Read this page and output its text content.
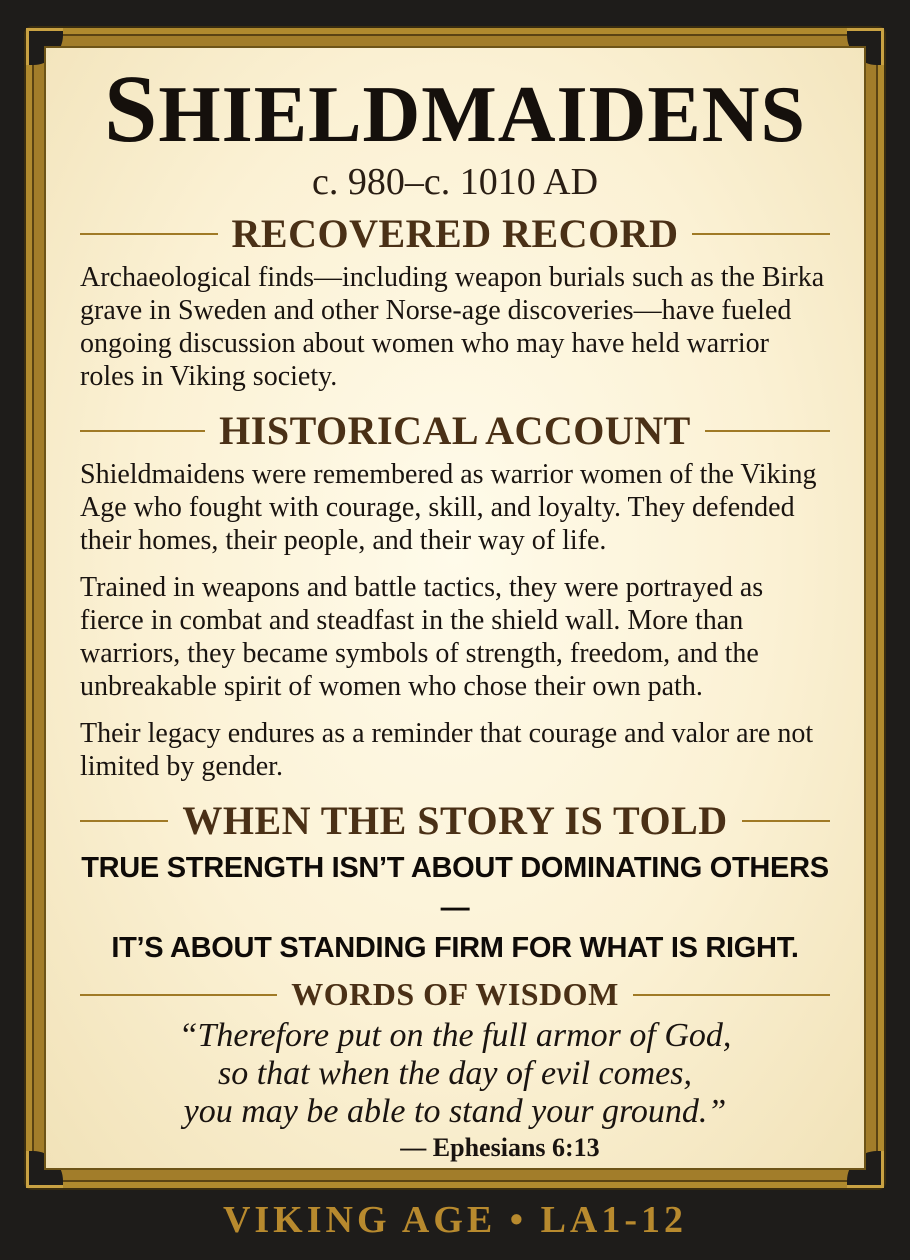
SHIELDMAIDENS
c. 980–c. 1010 AD
RECOVERED RECORD

Archaeological finds—including weapon burials such as the Birka grave in Sweden and other Norse-age discoveries—have fueled ongoing discussion about women who may have held warrior roles in Viking society.

HISTORICAL ACCOUNT

Shieldmaidens were remembered as warrior women of the Viking Age who fought with courage, skill, and loyalty. They defended their homes, their people, and their way of life.

Trained in weapons and battle tactics, they were portrayed as fierce in combat and steadfast in the shield wall. More than warriors, they became symbols of strength, freedom, and the unbreakable spirit of women who chose their own path.

Their legacy endures as a reminder that courage and valor are not limited by gender.

WHEN THE STORY IS TOLD
TRUE STRENGTH ISN’T ABOUT DOMINATING OTHERS—
IT’S ABOUT STANDING FIRM FOR WHAT IS RIGHT.
WORDS OF WISDOM
“Therefore put on the full armor of God,
so that when the day of evil comes,
you may be able to stand your ground.”
— Ephesians 6:13
VIKING AGE • LA1-12
